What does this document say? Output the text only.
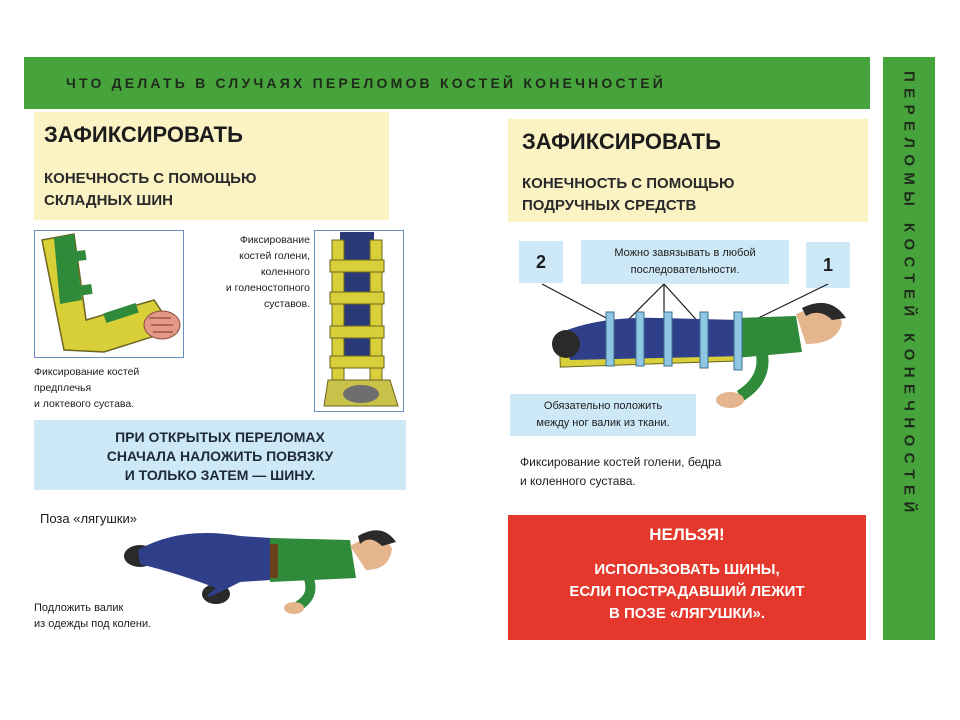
ЧТО ДЕЛАТЬ В СЛУЧАЯХ ПЕРЕЛОМОВ КОСТЕЙ КОНЕЧНОСТЕЙ	ПЕРЕЛОМЫ КОСТЕЙ КОНЕЧНОСТЕЙ
ЗАФИКСИРОВАТЬ
КОНЕЧНОСТЬ С ПОМОЩЬЮ
СКЛАДНЫХ ШИН
Фиксирование
костей голени,
коленного
и голеностопного
суставов.
Фиксирование костей
предплечья
и локтевого сустава.
ПРИ ОТКРЫТЫХ ПЕРЕЛОМАХ
СНАЧАЛА НАЛОЖИТЬ ПОВЯЗКУ
И ТОЛЬКО ЗАТЕМ — ШИНУ.
Поза «лягушки»
Подложить валик
из одежды под колени.
ЗАФИКСИРОВАТЬ
КОНЕЧНОСТЬ С ПОМОЩЬЮ
ПОДРУЧНЫХ СРЕДСТВ
2	Можно завязывать в любой
последовательности.	1
Обязательно положить
между ног валик из ткани.
Фиксирование костей голени, бедра
и коленного сустава.
НЕЛЬЗЯ!
ИСПОЛЬЗОВАТЬ ШИНЫ,
ЕСЛИ ПОСТРАДАВШИЙ ЛЕЖИТ
В ПОЗЕ «ЛЯГУШКИ».
